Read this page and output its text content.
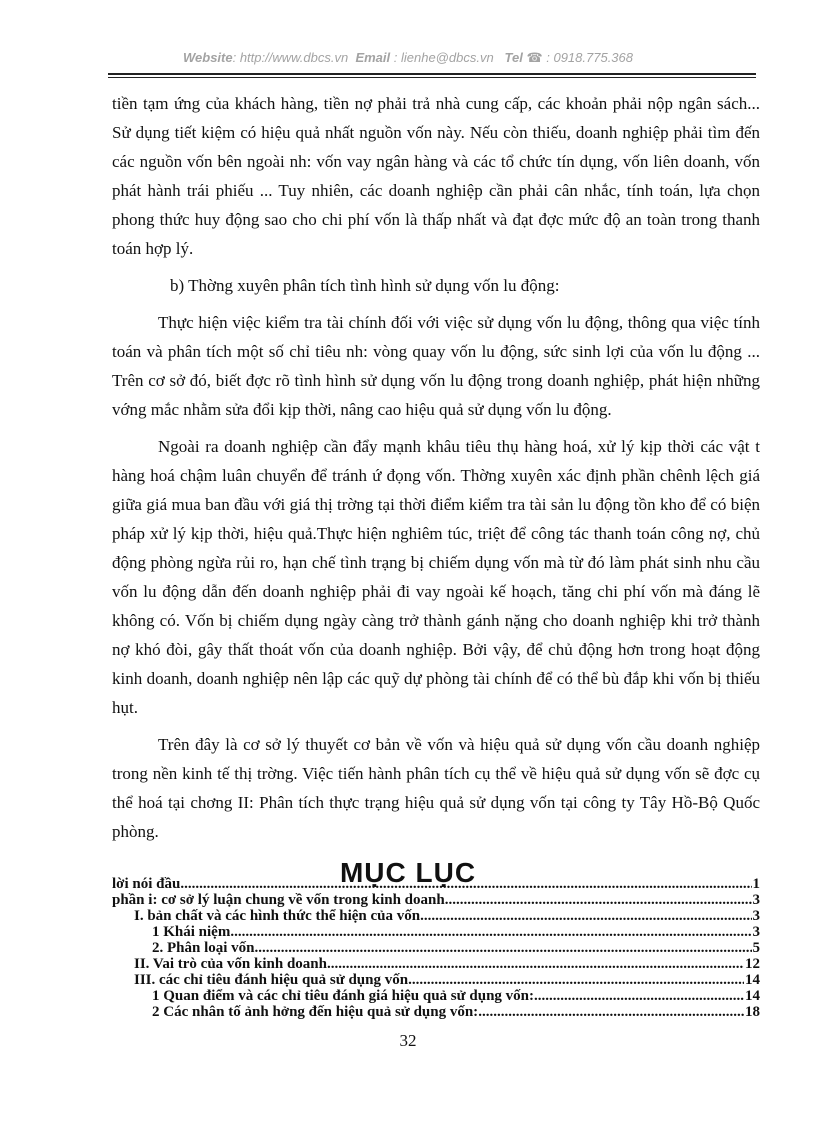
Website: http://www.dbcs.vn Email : lienhe@dbcs.vn Tel ☎ : 0918.775.368

tiền tạm ứng của khách hàng, tiền nợ phải trả nhà cung cấp, các khoản phải nộp ngân sách... Sử dụng tiết kiệm có hiệu quả nhất nguồn vốn này. Nếu còn thiếu, doanh nghiệp phải tìm đến các nguồn vốn bên ngoài nh: vốn vay ngân hàng và các tổ chức tín dụng, vốn liên doanh, vốn phát hành trái phiếu ... Tuy nhiên, các doanh nghiệp cần phải cân nhắc, tính toán, lựa chọn phong thức huy động sao cho chi phí vốn là thấp nhất và đạt đợc mức độ an toàn trong thanh toán hợp lý.

b) Thờng xuyên phân tích tình hình sử dụng vốn lu động:

Thực hiện việc kiểm tra tài chính đối với việc sử dụng vốn lu động, thông qua việc tính toán và phân tích một số chỉ tiêu nh: vòng quay vốn lu động, sức sinh lợi của vốn lu động ... Trên cơ sở đó, biết đợc rõ tình hình sử dụng vốn lu động trong doanh nghiệp, phát hiện những vớng mắc nhằm sửa đổi kịp thời, nâng cao hiệu quả sử dụng vốn lu động.

Ngoài ra doanh nghiệp cần đẩy mạnh khâu tiêu thụ hàng hoá, xử lý kịp thời các vật t hàng hoá chậm luân chuyển để tránh ứ đọng vốn. Thờng xuyên xác định phần chênh lệch giá giữa giá mua ban đầu với giá thị trờng tại thời điểm kiểm tra tài sản lu động tồn kho để có biện pháp xử lý kịp thời, hiệu quả.Thực hiện nghiêm túc, triệt để công tác thanh toán công nợ, chủ động phòng ngừa rủi ro, hạn chế tình trạng bị chiếm dụng vốn mà từ đó làm phát sinh nhu cầu vốn lu động dẫn đến doanh nghiệp phải đi vay ngoài kế hoạch, tăng chi phí vốn mà đáng lẽ không có. Vốn bị chiếm dụng ngày càng trở thành gánh nặng cho doanh nghiệp khi trở thành nợ khó đòi, gây thất thoát vốn của doanh nghiệp. Bởi vậy, để chủ động hơn trong hoạt động kinh doanh, doanh nghiệp nên lập các quỹ dự phòng tài chính để có thể bù đắp khi vốn bị thiếu hụt.

Trên đây là cơ sở lý thuyết cơ bản về vốn và hiệu quả sử dụng vốn cầu doanh nghiệp trong nền kinh tế thị trờng. Việc tiến hành phân tích cụ thể về hiệu quả sử dụng vốn sẽ đợc cụ thể hoá tại chơng II: Phân tích thực trạng hiệu quả sử dụng vốn tại công ty Tây Hồ-Bộ Quốc phòng.

MỤC LỤC
lời nói đầu .....	1
phần i: cơ sở lý luận chung về vốn trong kinh doanh .....	3
I. bản chất và các hình thức thể hiện của vốn .....	3
1 Khái niệm .....	3
2. Phân loại vốn .....	5
II. Vai trò của vốn kinh doanh .....	12
III. các chỉ tiêu đánh hiệu quả sử dụng vốn .....	14
1 Quan điểm và các chỉ tiêu đánh giá hiệu quả sử dụng vốn: .....	14
2 Các nhân tố ảnh hởng đến hiệu quả sử dụng vốn: .....	18
32
